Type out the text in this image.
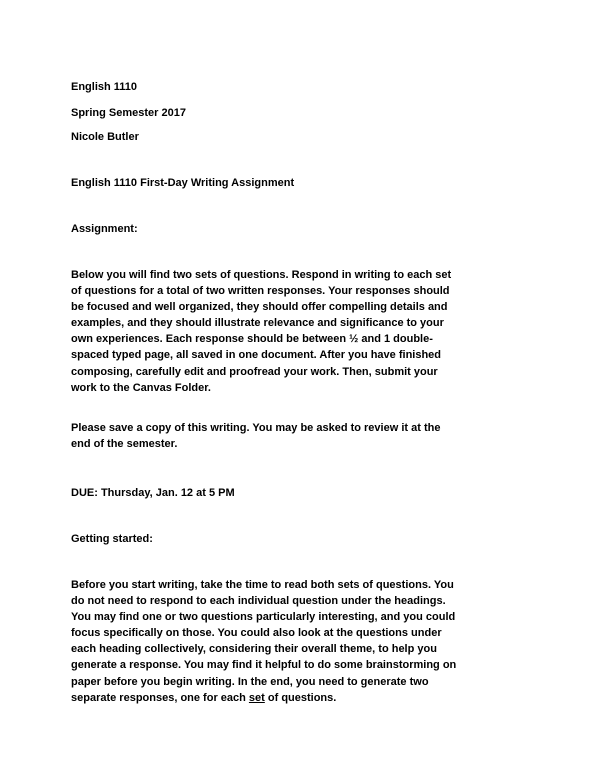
English 1110

Spring Semester 2017

Nicole Butler

English 1110 First-Day Writing Assignment

Assignment:

Below you will find two sets of questions. Respond in writing to each set
of questions for a total of two written responses. Your responses should
be focused and well organized, they should offer compelling details and
examples, and they should illustrate relevance and significance to your
own experiences. Each response should be between ½ and 1 double-
spaced typed page, all saved in one document. After you have finished
composing, carefully edit and proofread your work. Then, submit your
work to the Canvas Folder.
Please save a copy of this writing. You may be asked to review it at the
end of the semester.

DUE: Thursday, Jan. 12 at 5 PM

Getting started:

Before you start writing, take the time to read both sets of questions. You
do not need to respond to each individual question under the headings.
You may find one or two questions particularly interesting, and you could
focus specifically on those. You could also look at the questions under
each heading collectively, considering their overall theme, to help you
generate a response. You may find it helpful to do some brainstorming on
paper before you begin writing. In the end, you need to generate two
separate responses, one for each set of questions.
